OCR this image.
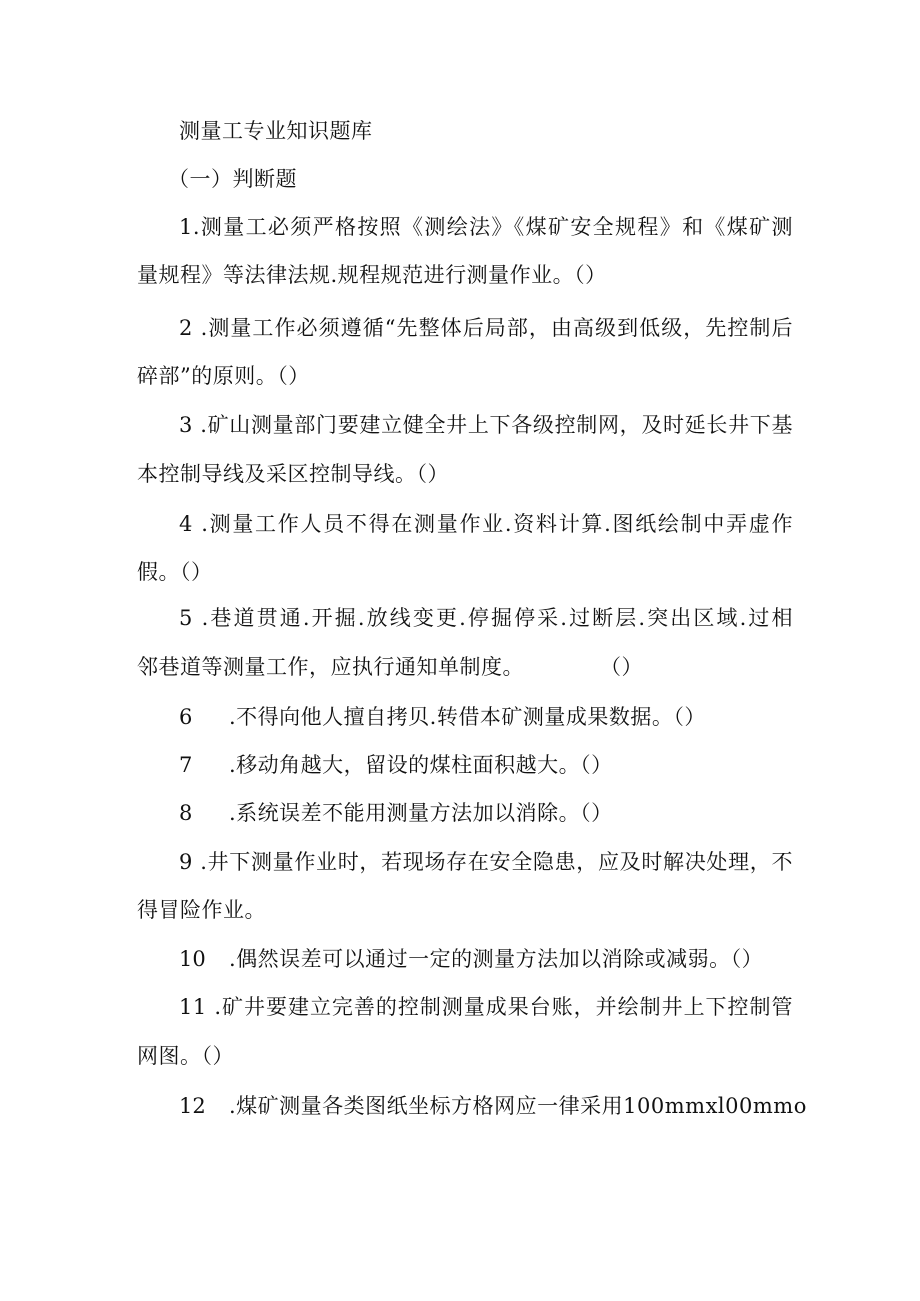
测量工专业知识题库
（一）判断题
1.测量工必须严格按照《测绘法》《煤矿安全规程》和《煤矿测
量规程》等法律法规.规程规范进行测量作业。（）
2 .测量工作必须遵循“先整体后局部，由高级到低级，先控制后
碎部”的原则。（）
3 .矿山测量部门要建立健全井上下各级控制网，及时延长井下基
本控制导线及采区控制导线。（）
4 .测量工作人员不得在测量作业.资料计算.图纸绘制中弄虚作
假。（）
5 .巷道贯通.开掘.放线变更.停掘停采.过断层.突出区域.过相
邻巷道等测量工作，应执行通知单制度。	（）
6 .不得向他人擅自拷贝.转借本矿测量成果数据。（）
7 .移动角越大，留设的煤柱面积越大。（）
8 .系统误差不能用测量方法加以消除。（）
9 .井下测量作业时，若现场存在安全隐患，应及时解决处理，不
得冒险作业。
10 .偶然误差可以通过一定的测量方法加以消除或减弱。（）
11 .矿井要建立完善的控制测量成果台账，并绘制井上下控制管
网图。（）
12 .煤矿测量各类图纸坐标方格网应一律采用100mmxl00mmo
